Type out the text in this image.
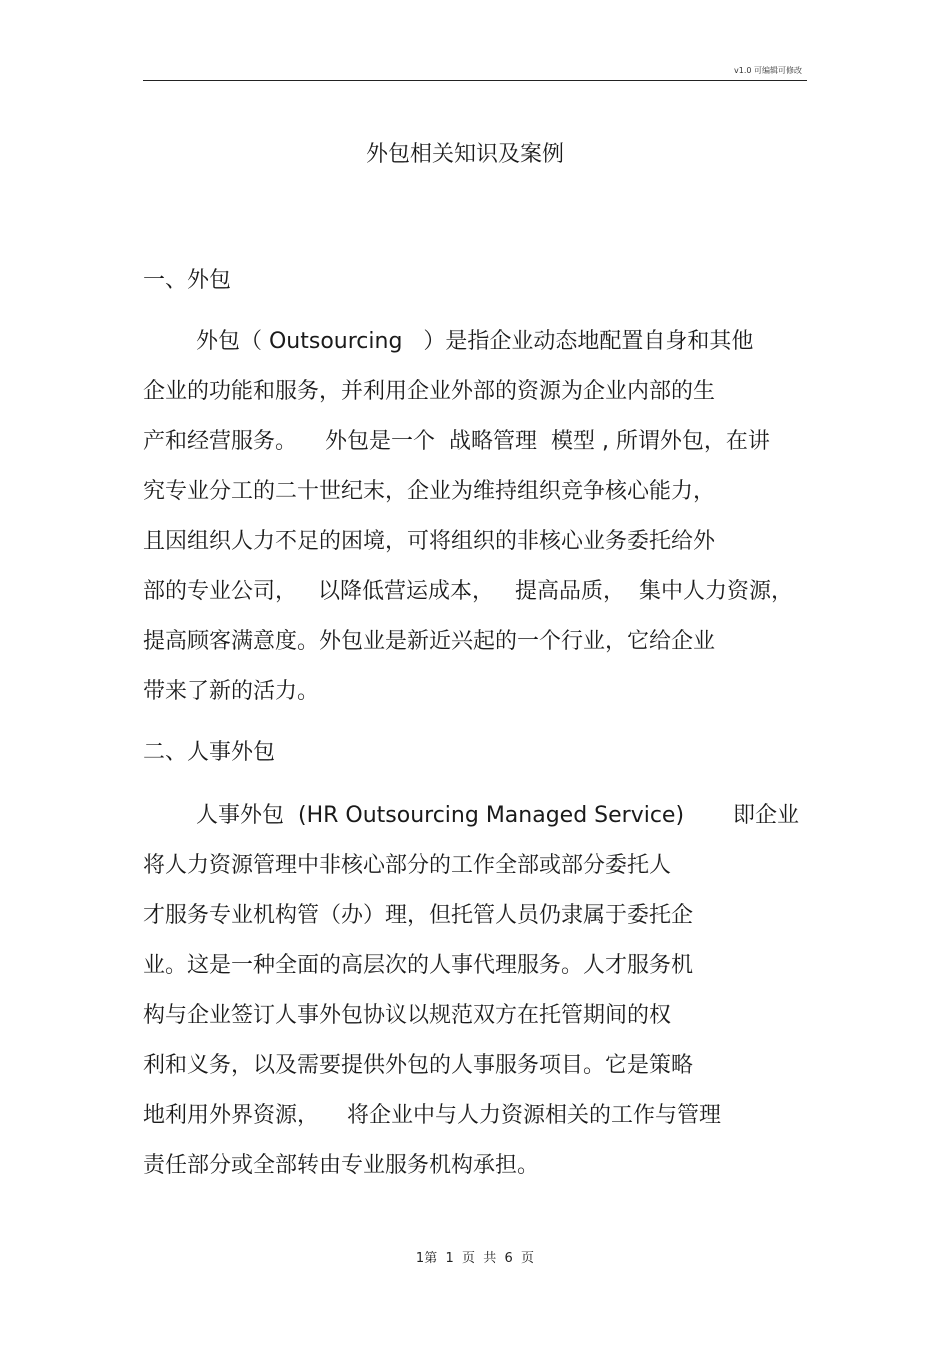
v1.0 可编辑可修改
外包相关知识及案例
一、外包
外包（ Outsourcing   ）是指企业动态地配置自身和其他
企业的功能和服务，并利用企业外部的资源为企业内部的生
产和经营服务。    外包是一个  战略管理  模型 , 所谓外包，在讲
究专业分工的二十世纪末，企业为维持组织竞争核心能力，
且因组织人力不足的困境，可将组织的非核心业务委托给外
部的专业公司，   以降低营运成本，   提高品质，  集中人力资源，
提高顾客满意度。外包业是新近兴起的一个行业，它给企业
带来了新的活力。
二、人事外包
人事外包  (HR Outsourcing Managed Service)       即企业
将人力资源管理中非核心部分的工作全部或部分委托人
才服务专业机构管（办）理，但托管人员仍隶属于委托企
业。这是一种全面的高层次的人事代理服务。人才服务机
构与企业签订人事外包协议以规范双方在托管期间的权
利和义务，以及需要提供外包的人事服务项目。它是策略
地利用外界资源，    将企业中与人力资源相关的工作与管理
责任部分或全部转由专业服务机构承担。
1第  1  页  共  6  页
